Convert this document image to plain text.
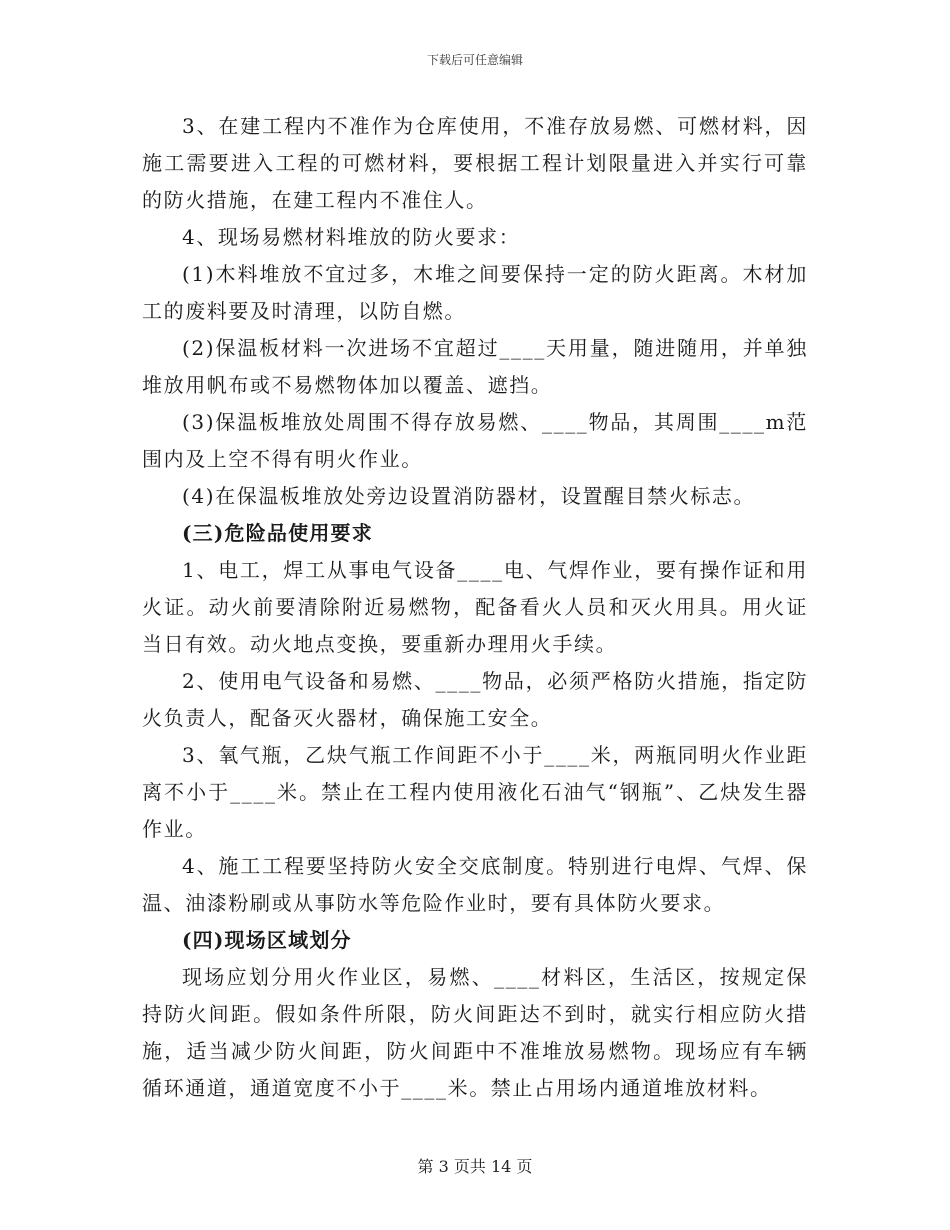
下载后可任意编辑

3、在建工程内不准作为仓库使用，不准存放易燃、可燃材料，因施工需要进入工程的可燃材料，要根据工程计划限量进入并实行可靠的防火措施，在建工程内不准住人。

4、现场易燃材料堆放的防火要求：

(1)木料堆放不宜过多，木堆之间要保持一定的防火距离。木材加工的废料要及时清理，以防自燃。

(2)保温板材料一次进场不宜超过____天用量，随进随用，并单独堆放用帆布或不易燃物体加以覆盖、遮挡。

(3)保温板堆放处周围不得存放易燃、____物品，其周围____m范围内及上空不得有明火作业。

(4)在保温板堆放处旁边设置消防器材，设置醒目禁火标志。

(三)危险品使用要求

1、电工，焊工从事电气设备____电、气焊作业，要有操作证和用火证。动火前要清除附近易燃物，配备看火人员和灭火用具。用火证当日有效。动火地点变换，要重新办理用火手续。

2、使用电气设备和易燃、____物品，必须严格防火措施，指定防火负责人，配备灭火器材，确保施工安全。

3、氧气瓶，乙炔气瓶工作间距不小于____米，两瓶同明火作业距离不小于____米。禁止在工程内使用液化石油气“钢瓶”、乙炔发生器作业。

4、施工工程要坚持防火安全交底制度。特别进行电焊、气焊、保温、油漆粉刷或从事防水等危险作业时，要有具体防火要求。

(四)现场区域划分

现场应划分用火作业区，易燃、____材料区，生活区，按规定保持防火间距。假如条件所限，防火间距达不到时，就实行相应防火措施，适当减少防火间距，防火间距中不准堆放易燃物。现场应有车辆循环通道，通道宽度不小于____米。禁止占用场内通道堆放材料。

第 3 页共 14 页
